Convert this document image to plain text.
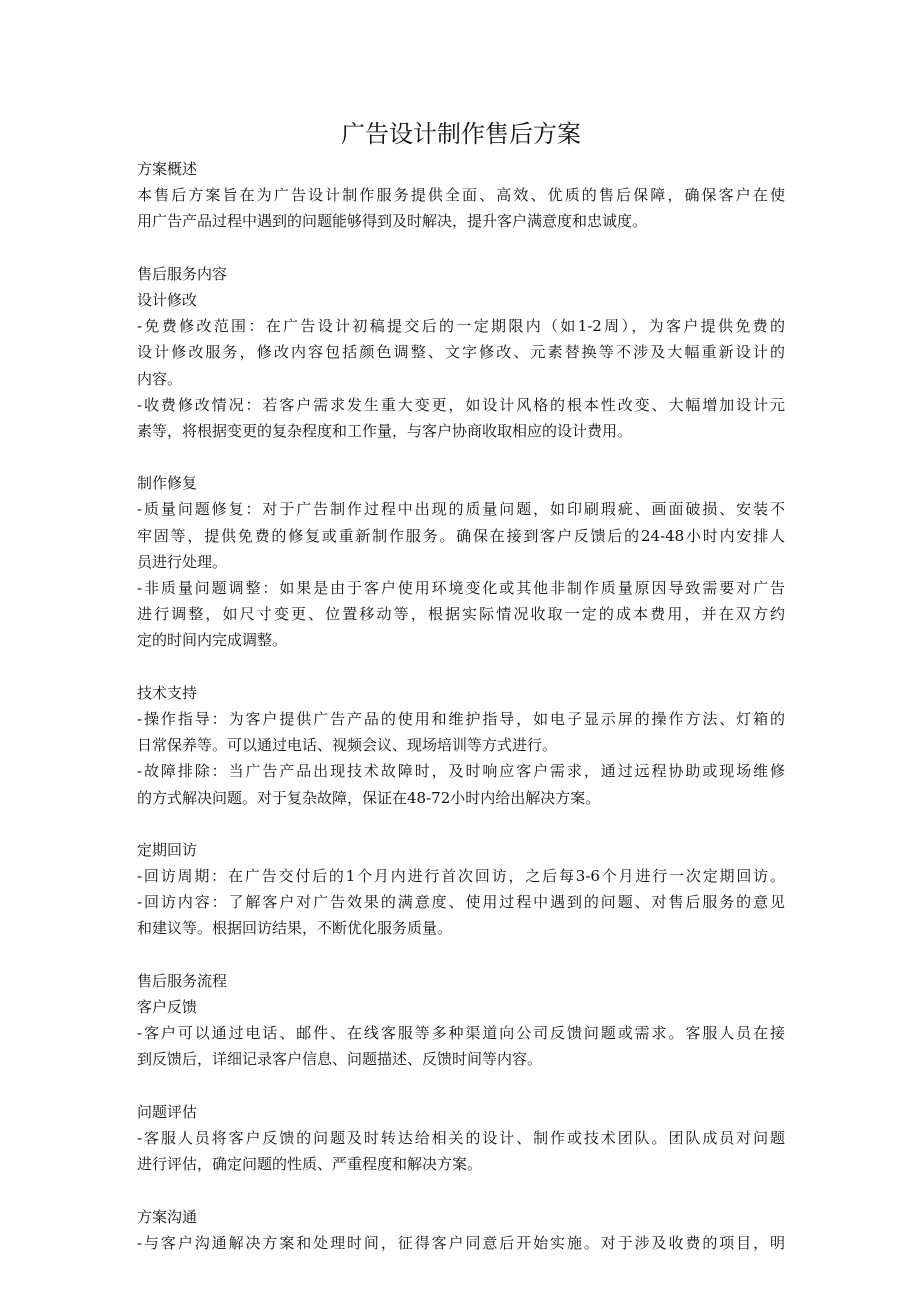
广告设计制作售后方案
方案概述
本售后方案旨在为广告设计制作服务提供全面、高效、优质的售后保障，确保客户在使
用广告产品过程中遇到的问题能够得到及时解决，提升客户满意度和忠诚度。
售后服务内容
设计修改
-免费修改范围：在广告设计初稿提交后的一定期限内（如1-2周），为客户提供免费的
设计修改服务，修改内容包括颜色调整、文字修改、元素替换等不涉及大幅重新设计的
内容。
-收费修改情况：若客户需求发生重大变更，如设计风格的根本性改变、大幅增加设计元
素等，将根据变更的复杂程度和工作量，与客户协商收取相应的设计费用。
制作修复
-质量问题修复：对于广告制作过程中出现的质量问题，如印刷瑕疵、画面破损、安装不
牢固等，提供免费的修复或重新制作服务。确保在接到客户反馈后的24-48小时内安排人
员进行处理。
-非质量问题调整：如果是由于客户使用环境变化或其他非制作质量原因导致需要对广告
进行调整，如尺寸变更、位置移动等，根据实际情况收取一定的成本费用，并在双方约
定的时间内完成调整。
技术支持
-操作指导：为客户提供广告产品的使用和维护指导，如电子显示屏的操作方法、灯箱的
日常保养等。可以通过电话、视频会议、现场培训等方式进行。
-故障排除：当广告产品出现技术故障时，及时响应客户需求，通过远程协助或现场维修
的方式解决问题。对于复杂故障，保证在48-72小时内给出解决方案。
定期回访
-回访周期：在广告交付后的1个月内进行首次回访，之后每3-6个月进行一次定期回访。
-回访内容：了解客户对广告效果的满意度、使用过程中遇到的问题、对售后服务的意见
和建议等。根据回访结果，不断优化服务质量。
售后服务流程
客户反馈
-客户可以通过电话、邮件、在线客服等多种渠道向公司反馈问题或需求。客服人员在接
到反馈后，详细记录客户信息、问题描述、反馈时间等内容。
问题评估
-客服人员将客户反馈的问题及时转达给相关的设计、制作或技术团队。团队成员对问题
进行评估，确定问题的性质、严重程度和解决方案。
方案沟通
-与客户沟通解决方案和处理时间，征得客户同意后开始实施。对于涉及收费的项目，明
